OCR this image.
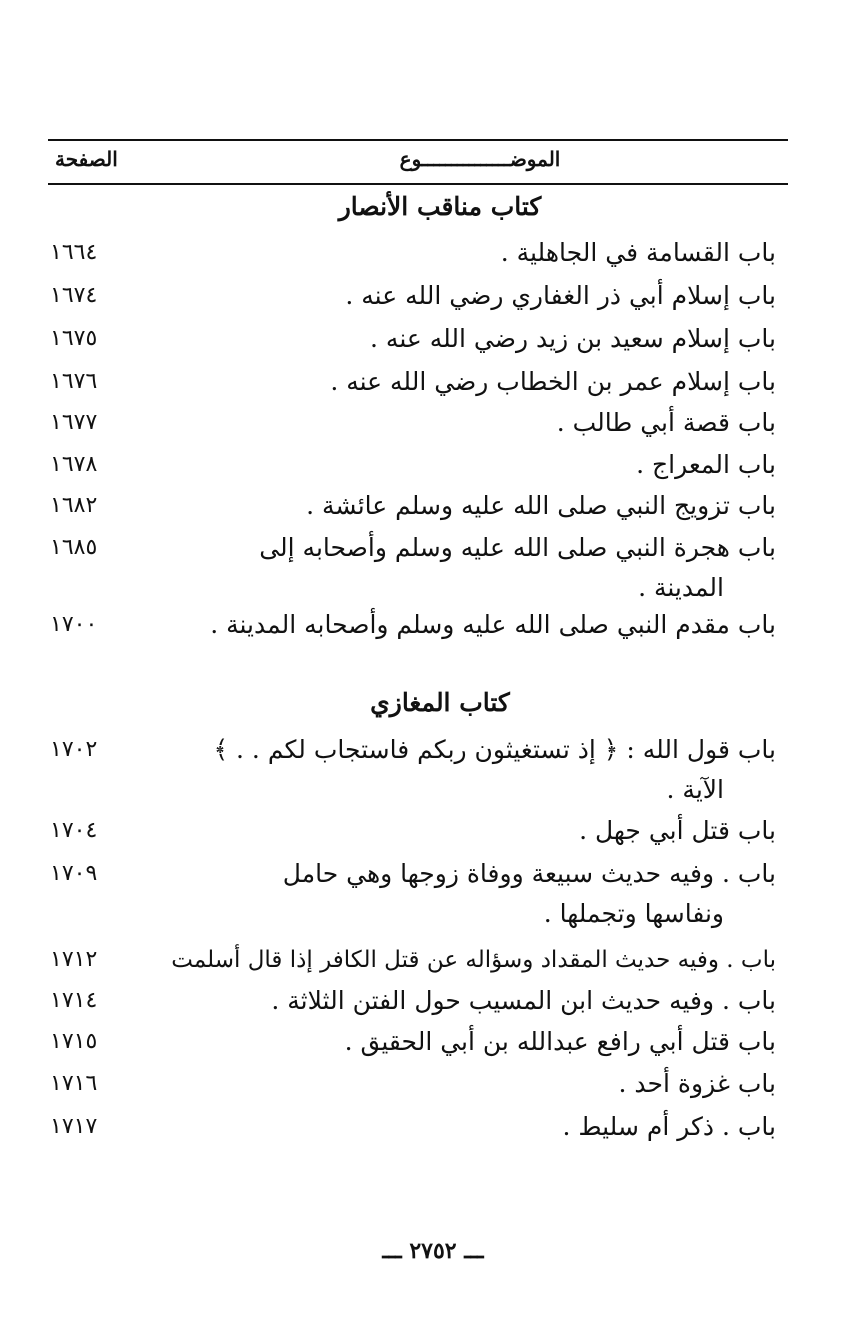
الموضـــــــــــــــوع
الصفحة
كتاب مناقب الأنصار
باب القسامة في الجاهلية .
١٦٦٤
باب إسلام أبي ذر الغفاري رضي الله عنه .
١٦٧٤
باب إسلام سعيد بن زيد رضي الله عنه .
١٦٧٥
باب إسلام عمر بن الخطاب رضي الله عنه .
١٦٧٦
باب قصة أبي طالب .
١٦٧٧
باب المعراج .
١٦٧٨
باب تزويج النبي صلى الله عليه وسلم عائشة .
١٦٨٢
باب هجرة النبي صلى الله عليه وسلم وأصحابه إلى
المدينة .
١٦٨٥
باب مقدم النبي صلى الله عليه وسلم وأصحابه المدينة .
١٧٠٠
كتاب المغازي
باب قول الله : ﴿ إذ تستغيثون ربكم فاستجاب لكم . . ﴾
الآية .
١٧٠٢
باب قتل أبي جهل .
١٧٠٤
باب . وفيه حديث سبيعة ووفاة زوجها وهي حامل
ونفاسها وتجملها .
١٧٠٩
باب . وفيه حديث المقداد وسؤاله عن قتل الكافر إذا قال أسلمت
١٧١٢
باب . وفيه حديث ابن المسيب حول الفتن الثلاثة .
١٧١٤
باب قتل أبي رافع عبدالله بن أبي الحقيق .
١٧١٥
باب غزوة أحد .
١٧١٦
باب . ذكر أم سليط .
١٧١٧
ـــ ٢٧٥٢ ـــ
